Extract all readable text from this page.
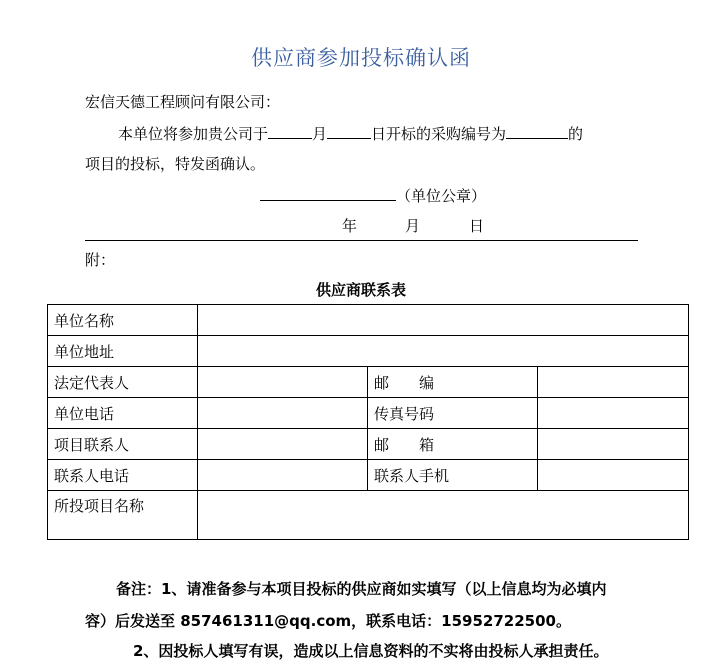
供应商参加投标确认函
宏信天德工程顾问有限公司：
本单位将参加贵公司于	月	日开标的采购编号为	的
项目的投标，特发函确认。
（单位公章）
年	月	日
附：
供应商联系表
单位名称			
单位地址			
法定代表人		邮　　编	
单位电话		传真号码	
项目联系人		邮　　箱	
联系人电话		联系人手机	
所投项目名称			
备注：1、请准备参与本项目投标的供应商如实填写（以上信息均为必填内
容）后发送至 857461311@qq.com，联系电话：15952722500。
2、因投标人填写有误，造成以上信息资料的不实将由投标人承担责任。
